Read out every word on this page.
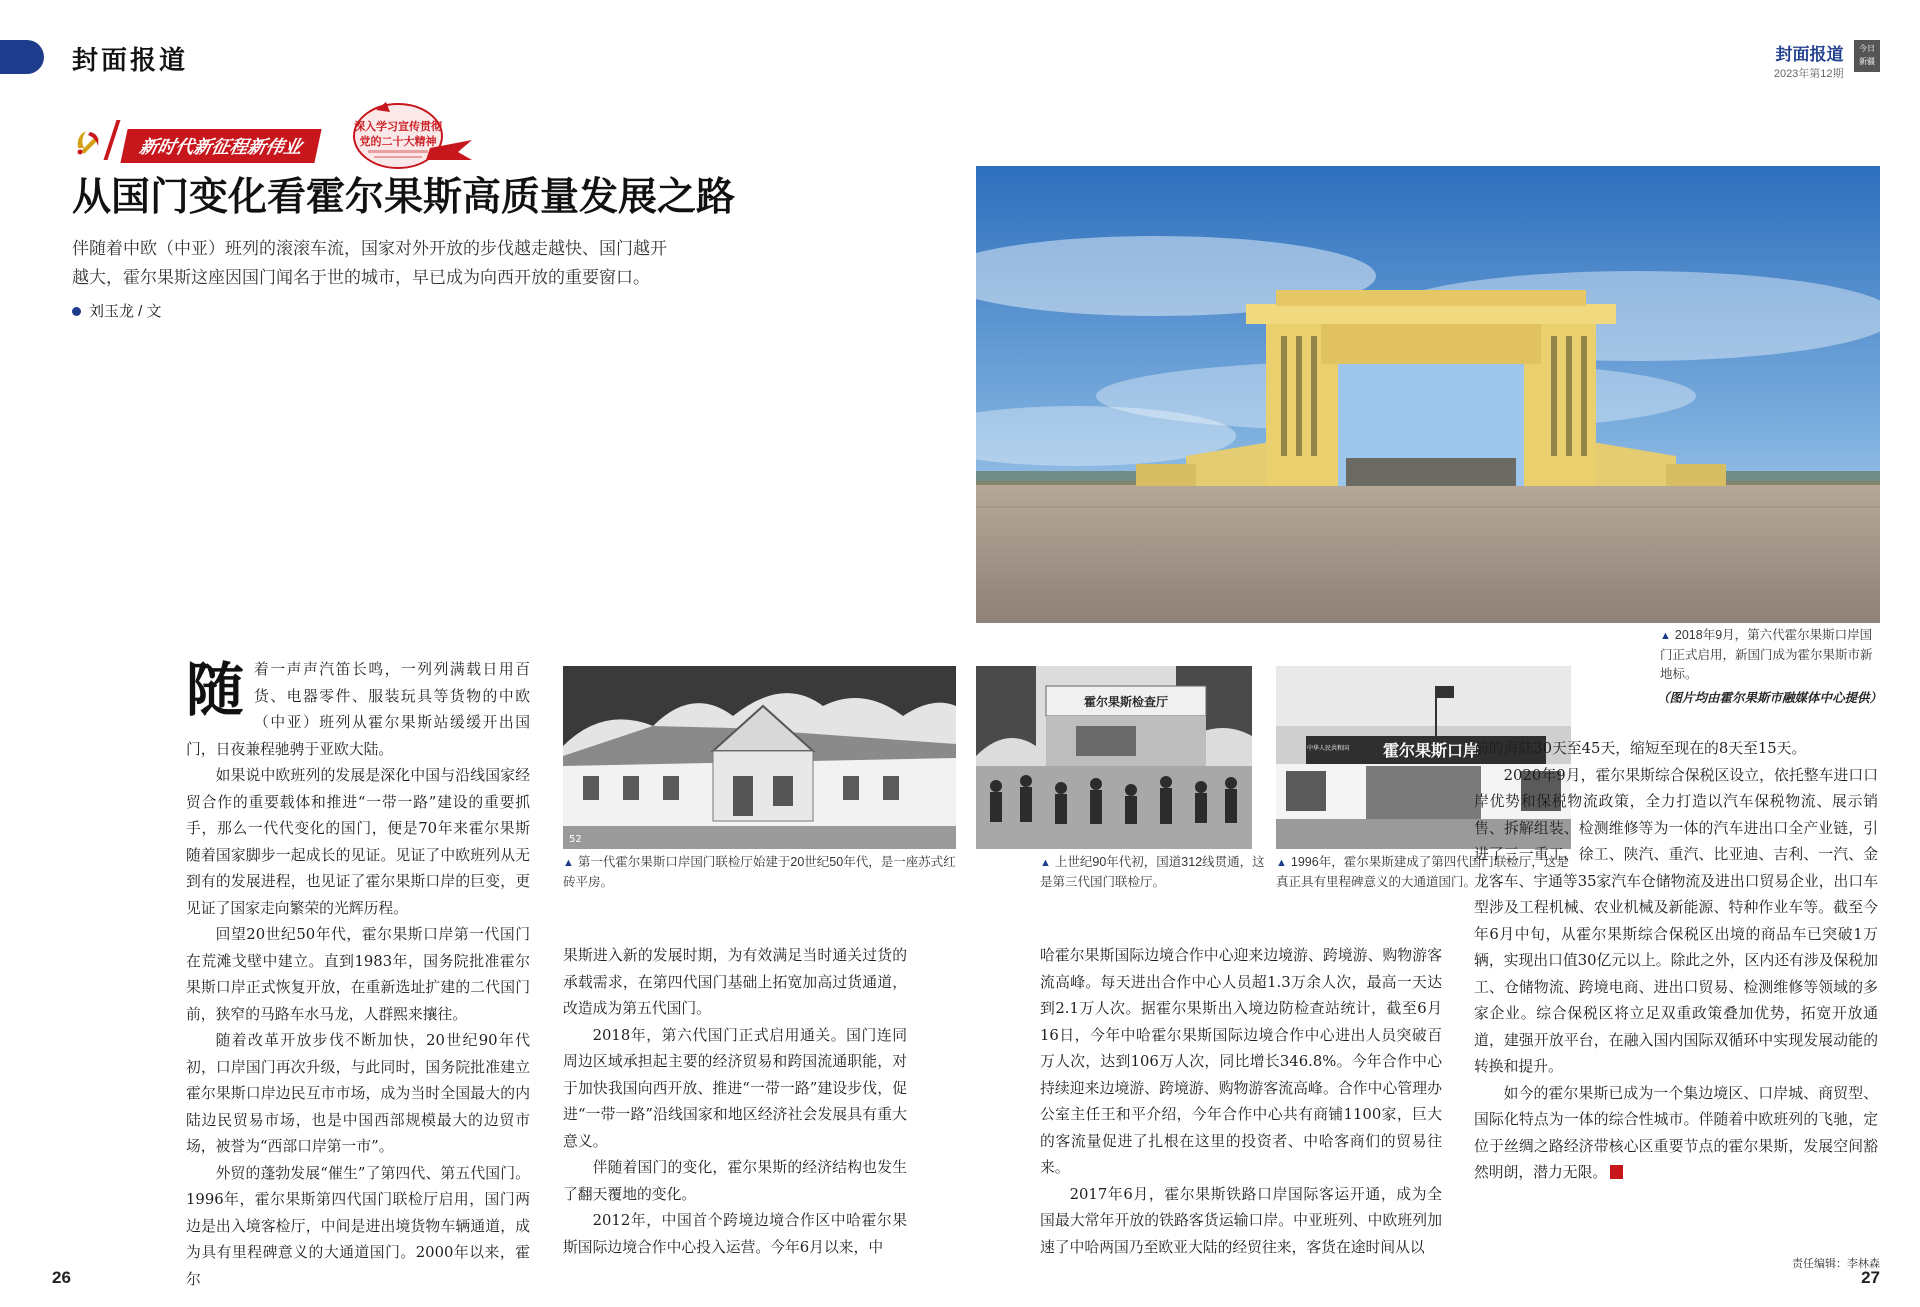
封面报道	封面报道
2023年第12期

今日
新疆
新时代新征程新伟业
深入学习宣传贯彻
党的二十大精神
从国门变化看霍尔果斯高质量发展之路
伴随着中欧（中亚）班列的滚滚车流，国家对外开放的步伐越走越快、国门越开越大，霍尔果斯这座因国门闻名于世的城市，早已成为向西开放的重要窗口。
刘玉龙 / 文
▲ 2018年9月，第六代霍尔果斯口岸国门正式启用，新国门成为霍尔果斯市新地标。
（图片均由霍尔果斯市融媒体中心提供）
52
▲ 第一代霍尔果斯口岸国门联检厅始建于20世纪50年代，是一座苏式红砖平房。
霍尔果斯检查厅
▲ 上世纪90年代初，国道312线贯通，这是第三代国门联检厅。
霍尔果斯口岸
中华人民共和国
▲ 1996年，霍尔果斯建成了第四代国门联检厅，这是真正具有里程碑意义的大通道国门。
随 着一声声汽笛长鸣，一列列满载日用百货、电器零件、服装玩具等货物的中欧（中亚）班列从霍尔果斯站缓缓开出国门，日夜兼程驰骋于亚欧大陆。

如果说中欧班列的发展是深化中国与沿线国家经贸合作的重要载体和推进“一带一路”建设的重要抓手，那么一代代变化的国门，便是70年来霍尔果斯随着国家脚步一起成长的见证。见证了中欧班列从无到有的发展进程，也见证了霍尔果斯口岸的巨变，更见证了国家走向繁荣的光辉历程。

回望20世纪50年代，霍尔果斯口岸第一代国门在荒滩戈壁中建立。直到1983年，国务院批准霍尔果斯口岸正式恢复开放，在重新选址扩建的二代国门前，狭窄的马路车水马龙，人群熙来攘往。

随着改革开放步伐不断加快，20世纪90年代初，口岸国门再次升级，与此同时，国务院批准建立霍尔果斯口岸边民互市市场，成为当时全国最大的内陆边民贸易市场，也是中国西部规模最大的边贸市场，被誉为“西部口岸第一市”。

外贸的蓬勃发展“催生”了第四代、第五代国门。1996年，霍尔果斯第四代国门联检厅启用，国门两边是出入境客检厅，中间是进出境货物车辆通道，成为具有里程碑意义的大通道国门。2000年以来，霍尔

果斯进入新的发展时期，为有效满足当时通关过货的承载需求，在第四代国门基础上拓宽加高过货通道，改造成为第五代国门。

2018年，第六代国门正式启用通关。国门连同周边区域承担起主要的经济贸易和跨国流通职能，对于加快我国向西开放、推进“一带一路”建设步伐，促进“一带一路”沿线国家和地区经济社会发展具有重大意义。

伴随着国门的变化，霍尔果斯的经济结构也发生了翻天覆地的变化。

2012年，中国首个跨境边境合作区中哈霍尔果斯国际边境合作中心投入运营。今年6月以来，中

哈霍尔果斯国际边境合作中心迎来边境游、跨境游、购物游客流高峰。每天进出合作中心人员超1.3万余人次，最高一天达到2.1万人次。据霍尔果斯出入境边防检查站统计，截至6月16日，今年中哈霍尔果斯国际边境合作中心进出人员突破百万人次，达到106万人次，同比增长346.8%。今年合作中心持续迎来边境游、跨境游、购物游客流高峰。合作中心管理办公室主任王和平介绍，今年合作中心共有商铺1100家，巨大的客流量促进了扎根在这里的投资者、中哈客商们的贸易往来。

2017年6月，霍尔果斯铁路口岸国际客运开通，成为全国最大常年开放的铁路客货运输口岸。中亚班列、中欧班列加速了中哈两国乃至欧亚大陆的经贸往来，客货在途时间从以

前的海陆30天至45天，缩短至现在的8天至15天。

2020年9月，霍尔果斯综合保税区设立，依托整车进口口岸优势和保税物流政策，全力打造以汽车保税物流、展示销售、拆解组装、检测维修等为一体的汽车进出口全产业链，引进了三一重工、徐工、陕汽、重汽、比亚迪、吉利、一汽、金龙客车、宇通等35家汽车仓储物流及进出口贸易企业，出口车型涉及工程机械、农业机械及新能源、特种作业车等。截至今年6月中旬，从霍尔果斯综合保税区出境的商品车已突破1万辆，实现出口值30亿元以上。除此之外，区内还有涉及保税加工、仓储物流、跨境电商、进出口贸易、检测维修等领域的多家企业。综合保税区将立足双重政策叠加优势，拓宽开放通道，建强开放平台，在融入国内国际双循环中实现发展动能的转换和提升。

如今的霍尔果斯已成为一个集边境区、口岸城、商贸型、国际化特点为一体的综合性城市。伴随着中欧班列的飞驰，定位于丝绸之路经济带核心区重要节点的霍尔果斯，发展空间豁然明朗，潜力无限。

26
责任编辑：李林森
27
